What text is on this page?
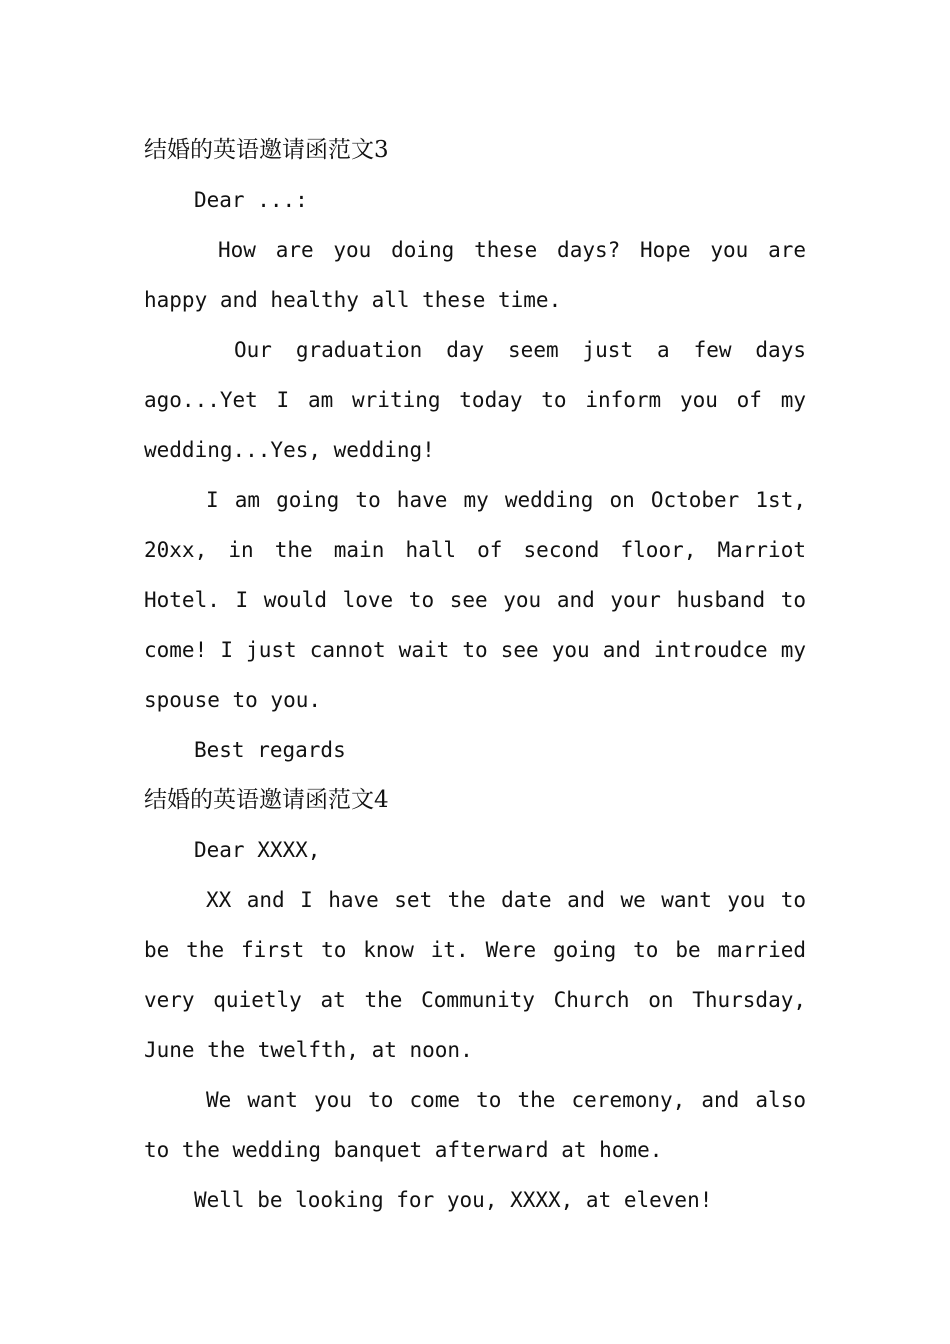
结婚的英语邀请函范文3

Dear ...:

How are you doing these days? Hope you are happy and healthy all these time.

Our graduation day seem just a few days ago...Yet I am writing today to inform you of my wedding...Yes, wedding!

I am going to have my wedding on October 1st, 20xx, in the main hall of second floor, Marriot Hotel. I would love to see you and your husband to come! I just cannot wait to see you and introudce my spouse to you.

Best regards

结婚的英语邀请函范文4

Dear XXXX,

XX and I have set the date and we want you to be the first to know it. Were going to be married very quietly at the Community Church on Thursday, June the twelfth, at noon.

We want you to come to the ceremony, and also to the wedding banquet afterward at home.

Well be looking for you, XXXX, at eleven!
